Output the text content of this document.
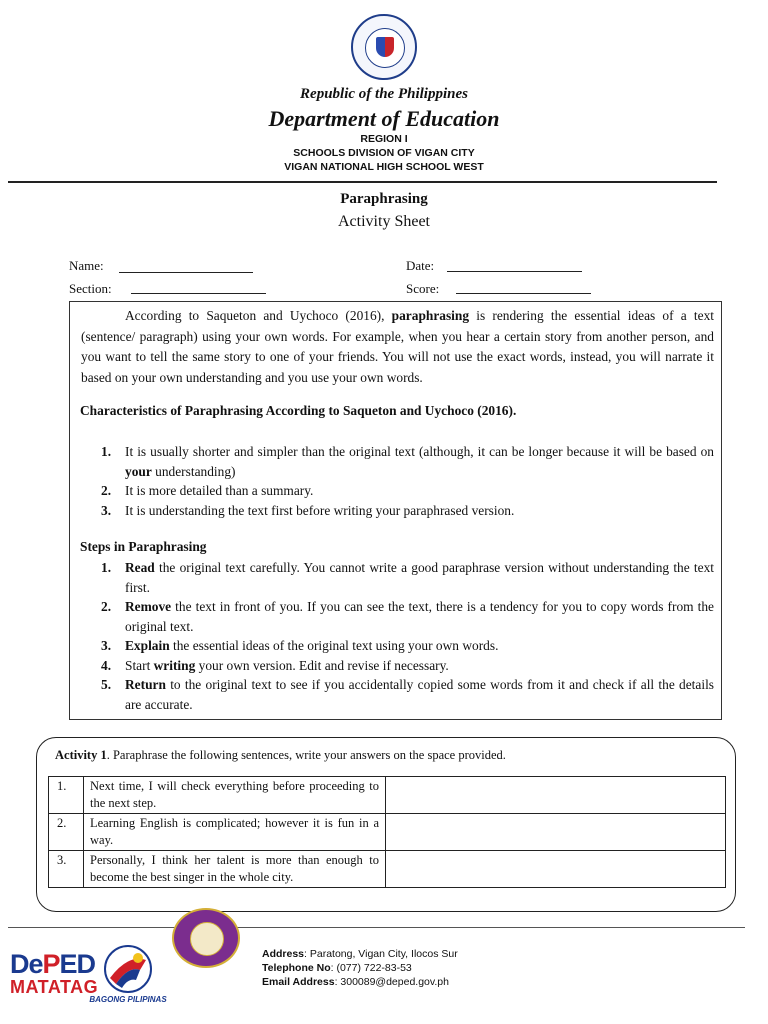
Republic of the Philippines
Department of Education
REGION I
SCHOOLS DIVISION OF VIGAN CITY
VIGAN NATIONAL HIGH SCHOOL WEST
Paraphrasing
Activity Sheet
Name:
Section:
Date:
Score:
According to Saqueton and Uychoco (2016), paraphrasing is rendering the essential ideas of a text (sentence/ paragraph) using your own words. For example, when you hear a certain story from another person, and you want to tell the same story to one of your friends. You will not use the exact words, instead, you will narrate it based on your own understanding and you use your own words.
Characteristics of Paraphrasing According to Saqueton and Uychoco (2016).
1. It is usually shorter and simpler than the original text (although, it can be longer because it will be based on your understanding)
2. It is more detailed than a summary.
3. It is understanding the text first before writing your paraphrased version.
Steps in Paraphrasing
1. Read the original text carefully. You cannot write a good paraphrase version without understanding the text first.
2. Remove the text in front of you. If you can see the text, there is a tendency for you to copy words from the original text.
3. Explain the essential ideas of the original text using your own words.
4. Start writing your own version. Edit and revise if necessary.
5. Return to the original text to see if you accidentally copied some words from it and check if all the details are accurate.
Activity 1. Paraphrase the following sentences, write your answers on the space provided.
1.	Next time, I will check everything before proceeding to the next step.	
2.	Learning English is complicated; however it is fun in a way.	
3.	Personally, I think her talent is more than enough to become the best singer in the whole city.	
DePED
MATATAG

BAGONG PILIPINAS
Address: Paratong, Vigan City, Ilocos Sur
Telephone No: (077) 722-83-53
Email Address: 300089@deped.gov.ph
